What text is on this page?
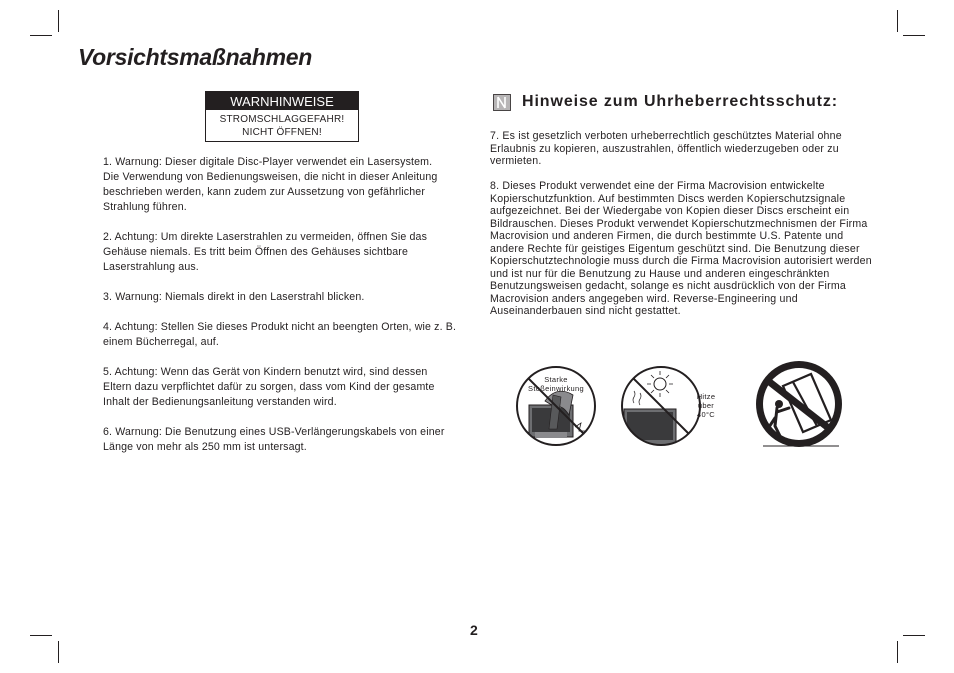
Vorsichtsmaßnahmen
WARNHINWEISE
STROMSCHLAGGEFAHR!
NICHT ÖFFNEN!

1. Warnung: Dieser digitale Disc-Player verwendet ein Lasersystem.
Die Verwendung von Bedienungsweisen, die nicht in dieser Anleitung beschrieben werden, kann zudem zur Aussetzung von gefährlicher Strahlung führen.

2. Achtung: Um direkte Laserstrahlen zu vermeiden, öffnen Sie das Gehäuse niemals. Es tritt beim Öffnen des Gehäuses sichtbare Laserstrahlung aus.

3. Warnung: Niemals direkt in den Laserstrahl blicken.

4. Achtung: Stellen Sie dieses Produkt nicht an beengten Orten, wie z. B. einem Bücherregal, auf.

5. Achtung: Wenn das Gerät von Kindern benutzt wird, sind dessen Eltern dazu verpflichtet dafür zu sorgen, dass vom Kind der gesamte Inhalt der Bedienungsanleitung verstanden wird.

6. Warnung: Die Benutzung eines USB-Verlängerungskabels von einer Länge von mehr als 250 mm ist untersagt.

Hinweise zum Uhrheberrechtsschutz:

7. Es ist gesetzlich verboten urheberrechtlich geschütztes Material ohne Erlaubnis zu kopieren, auszustrahlen, öffentlich wiederzugeben oder zu vermieten.

8. Dieses Produkt verwendet eine der Firma Macrovision entwickelte Kopierschutzfunktion. Auf bestimmten Discs werden Kopierschutzsignale aufgezeichnet. Bei der Wiedergabe von Kopien dieser Discs erscheint ein Bildrauschen. Dieses Produkt verwendet Kopierschutzmechnismen der Firma Macrovision und anderen Firmen, die durch bestimmte U.S. Patente und andere Rechte für geistiges Eigentum geschützt sind. Die Benutzung dieser Kopierschutztechnologie muss durch die Firma Macrovision autorisiert werden und ist nur für die Benutzung zu Hause und anderen eingeschränkten Benutzungsweisen gedacht, solange es nicht ausdrücklich von der Firma Macrovision anders angegeben wird. Reverse-Engineering und Auseinanderbauen sind nicht gestattet.

Starke
Stoßeinwirkung
Hitze
über
40°C
2
